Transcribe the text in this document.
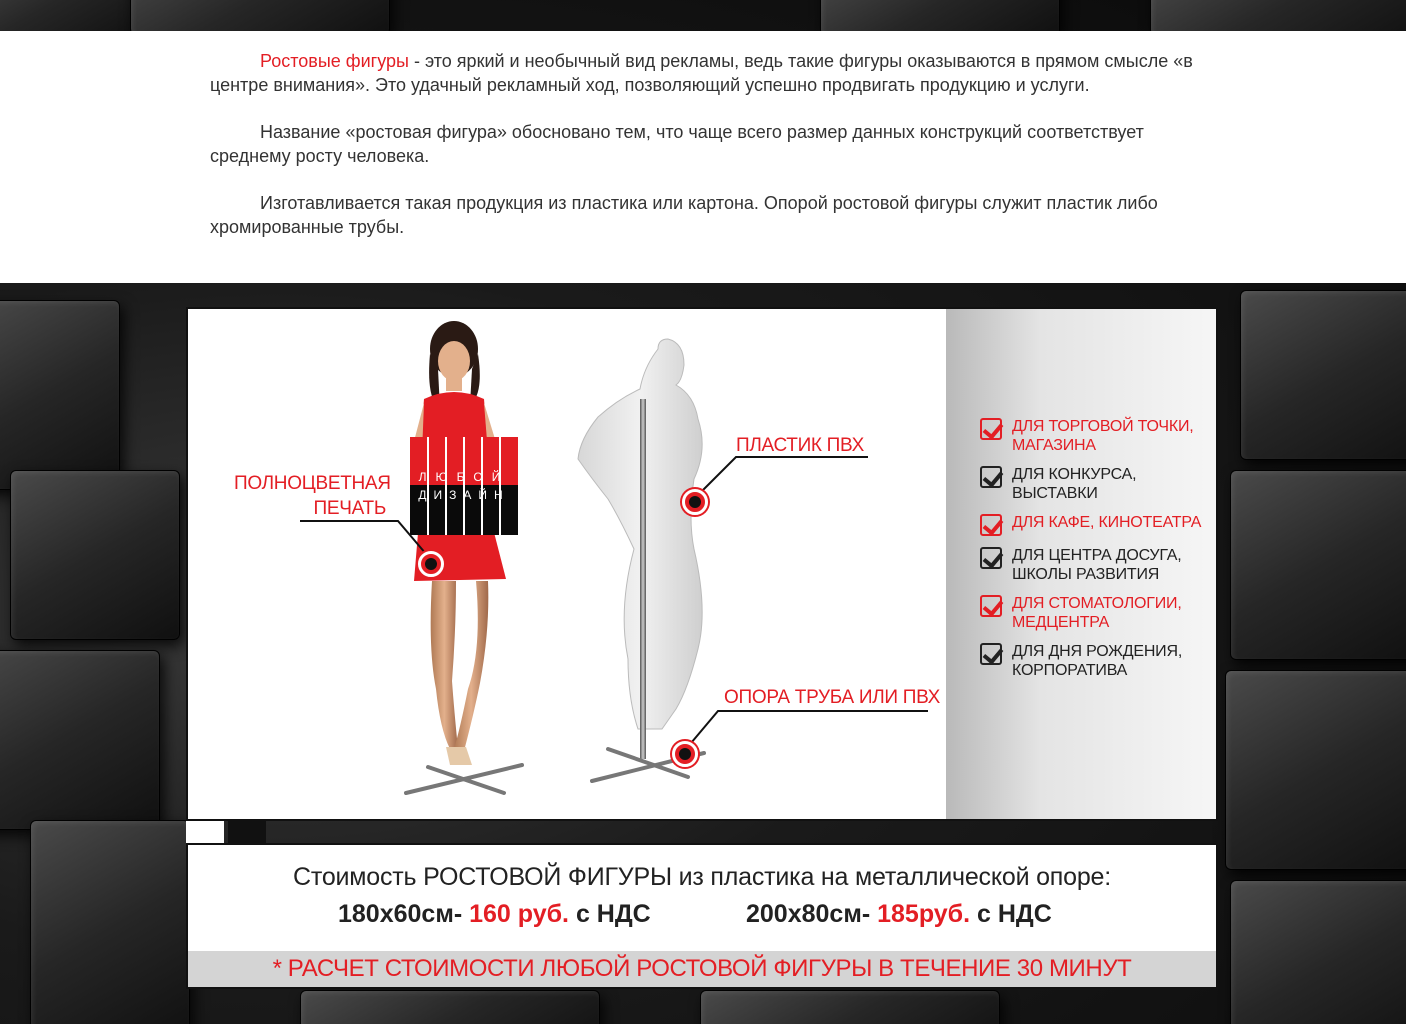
Ростовые фигуры - это яркий и необычный вид рекламы, ведь такие фигуры оказываются в прямом смысле «в центре внимания». Это удачный рекламный ход, позволяющий успешно продвигать продукцию и услуги.

Название «ростовая фигура» обосновано тем, что чаще всего размер данных конструкций соответствует среднему росту человека.

Изготавливается такая продукция из пластика или картона. Опорой ростовой фигуры служит пластик либо хромированные трубы.

ЛЮБОЙ
ДИЗАЙН
ПОЛНОЦВЕТНАЯ
ПЕЧАТЬ
ПЛАСТИК ПВХ
ОПОРА ТРУБА ИЛИ ПВХ
ДЛЯ ТОРГОВОЙ ТОЧКИ, МАГАЗИНА
ДЛЯ КОНКУРСА, ВЫСТАВКИ
ДЛЯ КАФЕ, КИНОТЕАТРА
ДЛЯ ЦЕНТРА ДОСУГА, ШКОЛЫ РАЗВИТИЯ
ДЛЯ СТОМАТОЛОГИИ, МЕДЦЕНТРА
ДЛЯ ДНЯ РОЖДЕНИЯ, КОРПОРАТИВА
Стоимость РОСТОВОЙ ФИГУРЫ из пластика на металлической опоре:
180х60см- 160 руб. с НДС	200х80см- 185руб. с НДС
* РАСЧЕТ СТОИМОСТИ ЛЮБОЙ РОСТОВОЙ ФИГУРЫ В ТЕЧЕНИЕ 30 МИНУТ
